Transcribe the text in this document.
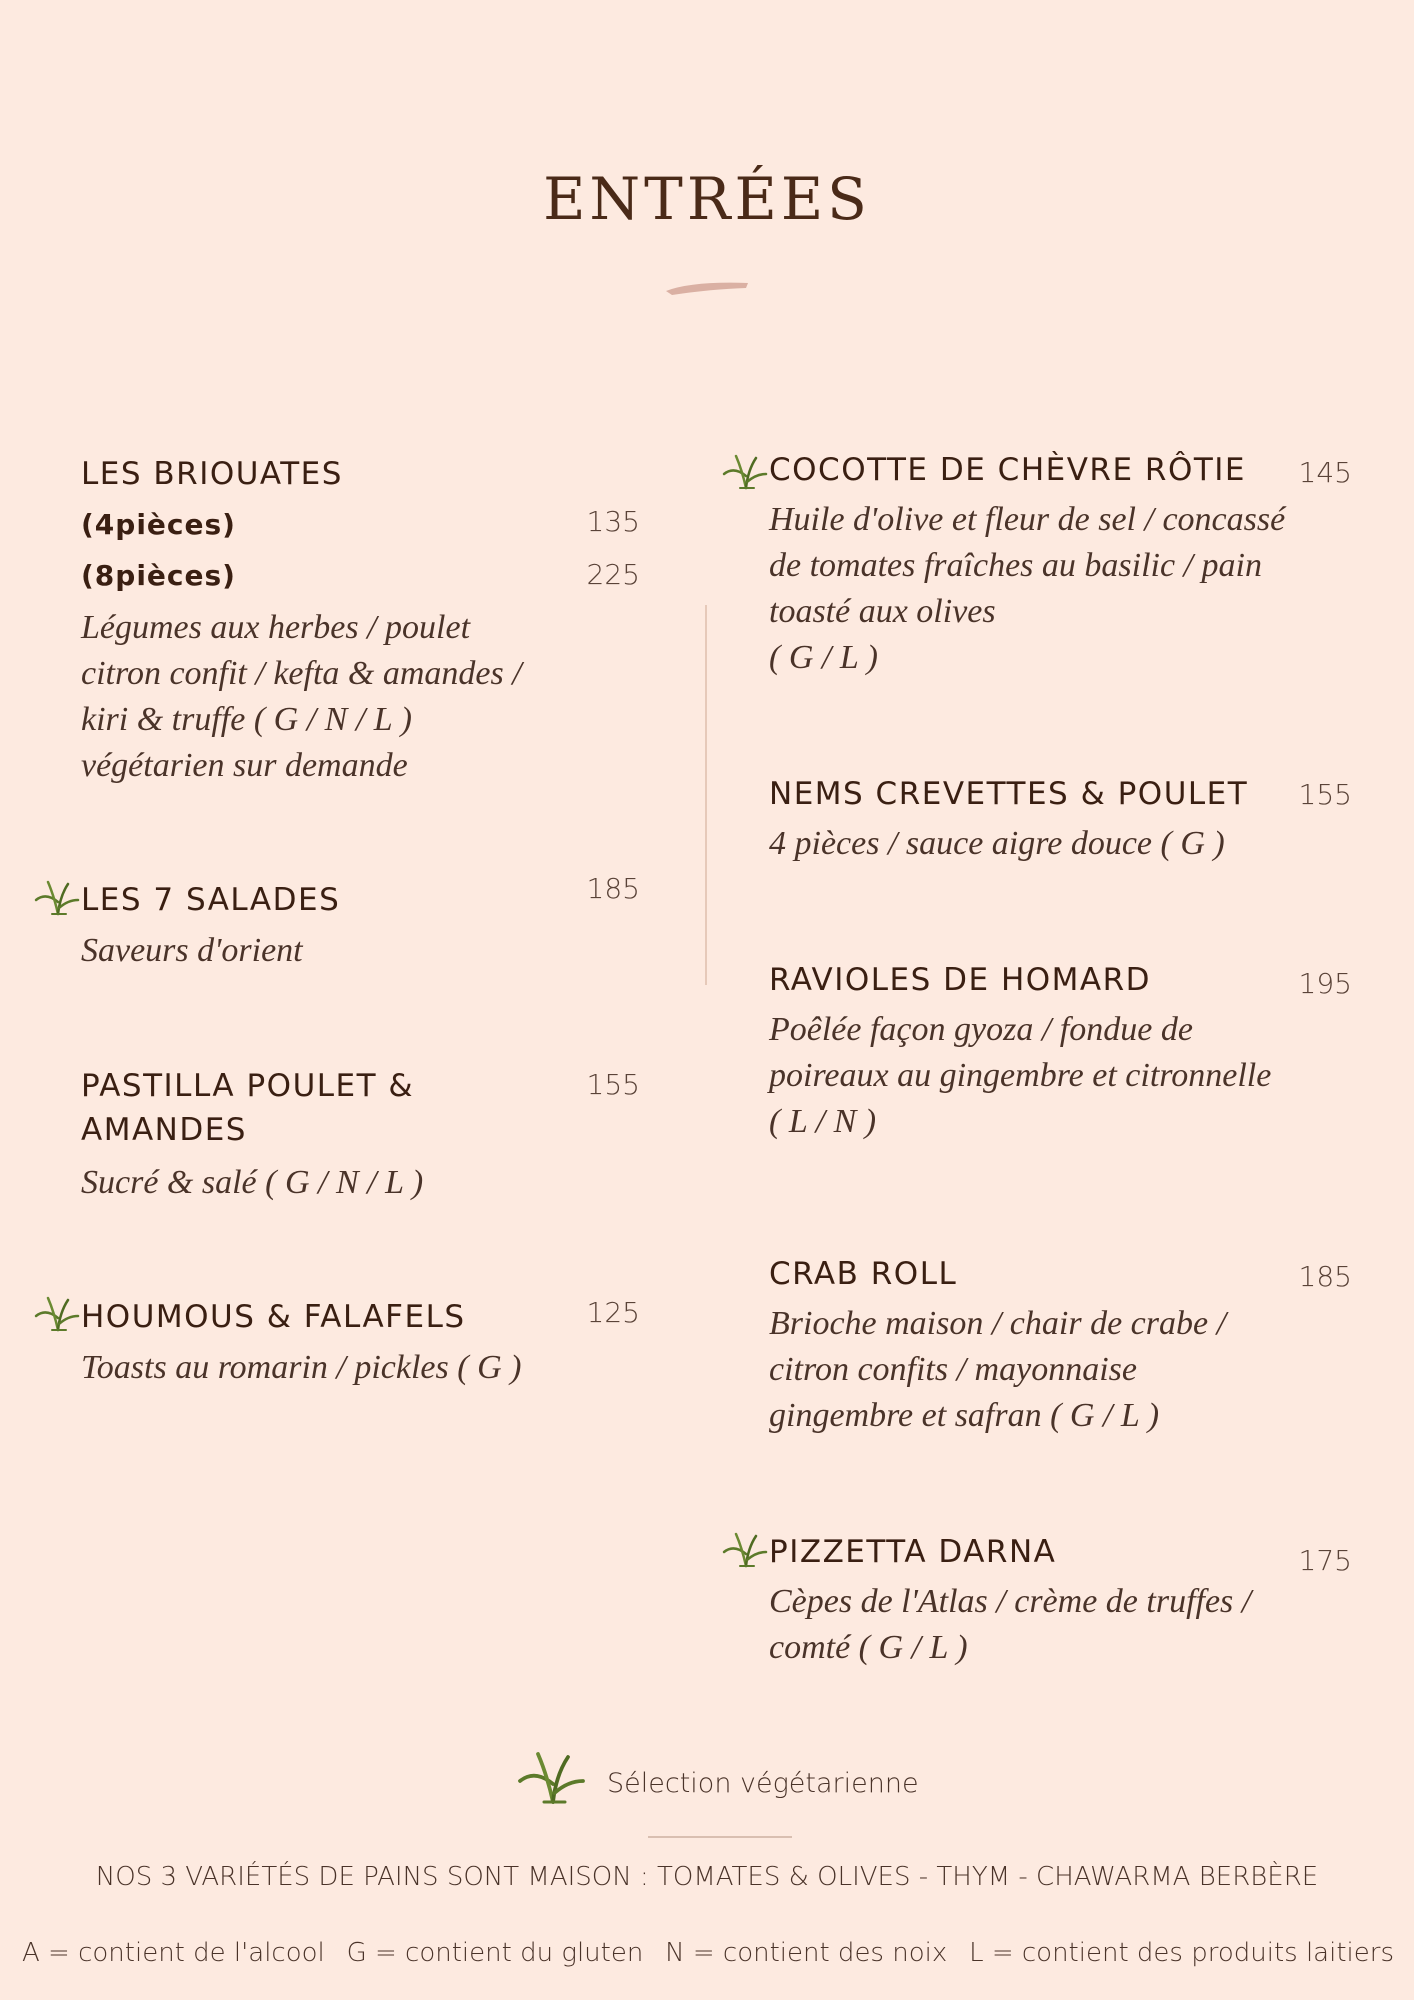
ENTRÉES
LES BRIOUATES
(4pièces)	135
(8pièces)	225
Légumes aux herbes / poulet
citron confit / kefta & amandes /
kiri & truffe ( G / N / L )
végétarien sur demande
LES 7 SALADES	185
Saveurs d'orient
PASTILLA POULET &
AMANDES
155
Sucré & salé ( G / N / L )
HOUMOUS & FALAFELS	125
Toasts au romarin / pickles ( G )
COCOTTE DE CHÈVRE RÔTIE	145
Huile d'olive et fleur de sel / concassé
de tomates fraîches au basilic / pain
toasté aux olives
( G / L )
NEMS CREVETTES & POULET	155
4 pièces / sauce aigre douce ( G )
RAVIOLES DE HOMARD	195
Poêlée façon gyoza / fondue de
poireaux au gingembre et citronnelle
( L / N )
CRAB ROLL	185
Brioche maison / chair de crabe /
citron confits / mayonnaise
gingembre et safran ( G / L )
PIZZETTA DARNA	175
Cèpes de l'Atlas / crème de truffes /
comté ( G / L )
Sélection végétarienne
NOS 3 VARIÉTÉS DE PAINS SONT MAISON : TOMATES & OLIVES - THYM - CHAWARMA BERBÈRE
A = contient de l'alcool G = contient du gluten N = contient des noix L = contient des produits laitiers
